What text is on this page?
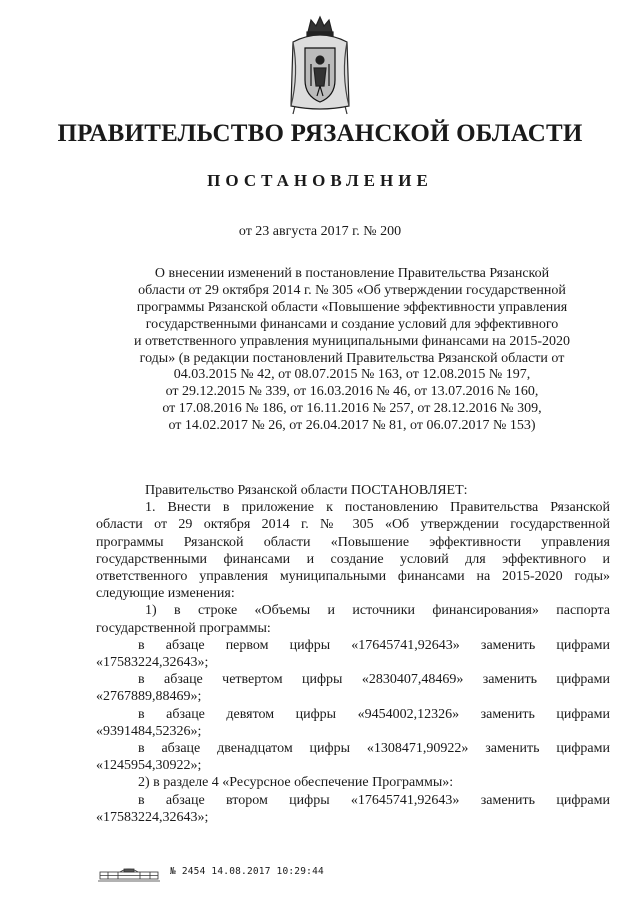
ПРАВИТЕЛЬСТВО РЯЗАНСКОЙ ОБЛАСТИ
ПОСТАНОВЛЕНИЕ
от 23 августа 2017 г. № 200
О внесении изменений в постановление Правительства Рязанской
области от 29 октября 2014 г. № 305 «Об утверждении государственной
программы Рязанской области «Повышение эффективности управления
государственными финансами и создание условий для эффективного
и ответственного управления муниципальными финансами на 2015-2020
годы» (в редакции постановлений Правительства Рязанской области от
04.03.2015 № 42, от 08.07.2015 № 163, от 12.08.2015 № 197,
от 29.12.2015 № 339, от 16.03.2016 № 46, от 13.07.2016 № 160,
от 17.08.2016 № 186, от 16.11.2016 № 257, от 28.12.2016 № 309,
от 14.02.2017 № 26, от 26.04.2017 № 81, от 06.07.2017 № 153)
Правительство Рязанской области ПОСТАНОВЛЯЕТ:
1. Внести в приложение к постановлению Правительства Рязанской
области от 29 октября 2014 г. № 305 «Об утверждении государственной
программы Рязанской области «Повышение эффективности управления
государственными финансами и создание условий для эффективного и
ответственного управления муниципальными финансами на 2015-2020 годы»
следующие изменения:
1) в строке «Объемы и источники финансирования» паспорта
государственной программы:
в абзаце первом цифры «17645741,92643» заменить цифрами
«17583224,32643»;
в абзаце четвертом цифры «2830407,48469» заменить цифрами
«2767889,88469»;
в абзаце девятом цифры «9454002,12326» заменить цифрами
«9391484,52326»;
в абзаце двенадцатом цифры «1308471,90922» заменить цифрами
«1245954,30922»;
2) в разделе 4 «Ресурсное обеспечение Программы»:
в абзаце втором цифры «17645741,92643» заменить цифрами
«17583224,32643»;
№ 2454 14.08.2017 10:29:44
